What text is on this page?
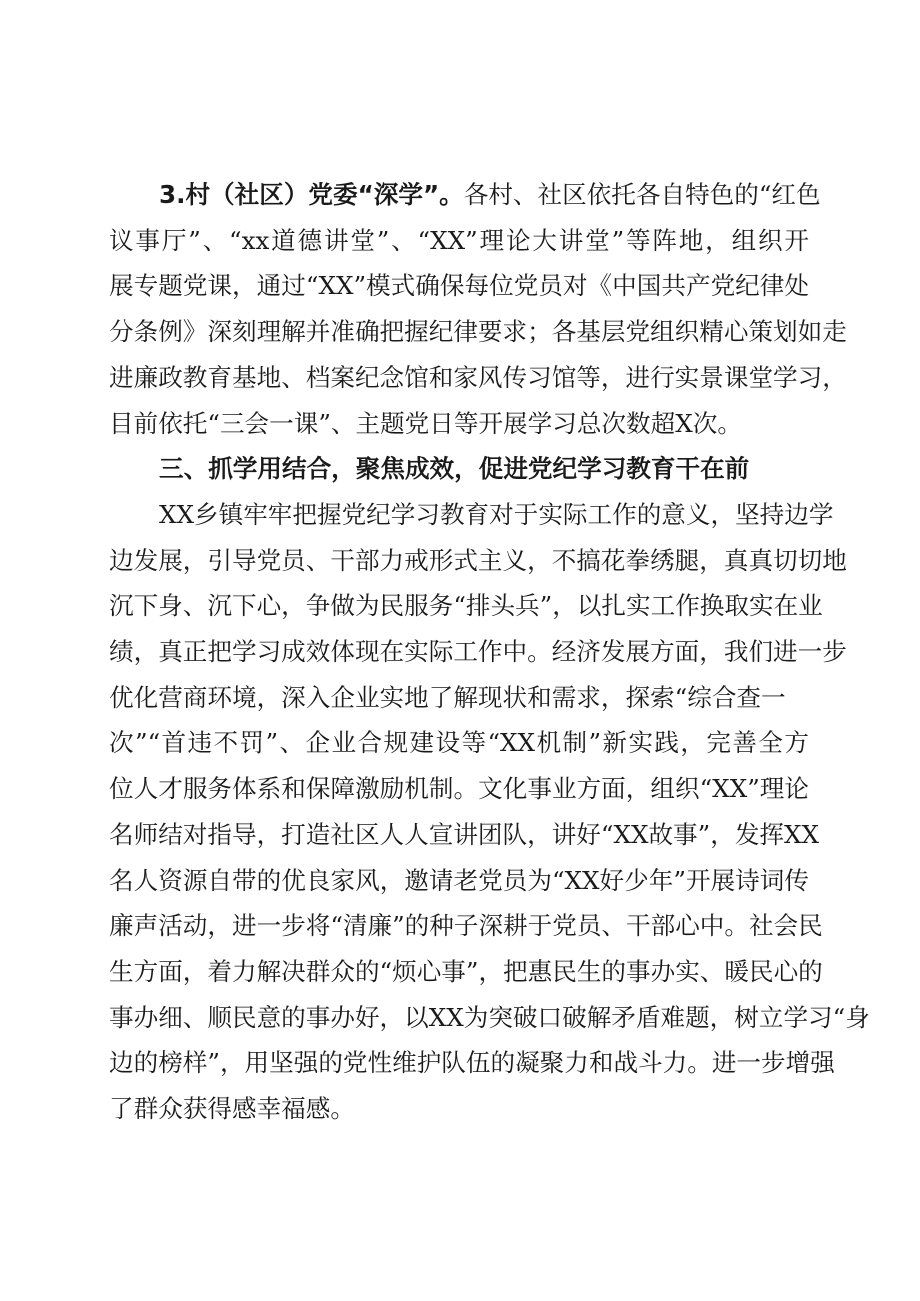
3.村（社区）党委“深学”。各村、社区依托各自特色的“红色
议事厅”、“xx道德讲堂”、“XX”理论大讲堂”等阵地，组织开
展专题党课，通过“XX”模式确保每位党员对《中国共产党纪律处
分条例》深刻理解并准确把握纪律要求；各基层党组织精心策划如走
进廉政教育基地、档案纪念馆和家风传习馆等，进行实景课堂学习，
目前依托“三会一课”、主题党日等开展学习总次数超X次。
三、抓学用结合，聚焦成效，促进党纪学习教育干在前
XX乡镇牢牢把握党纪学习教育对于实际工作的意义，坚持边学
边发展，引导党员、干部力戒形式主义，不搞花拳绣腿，真真切切地
沉下身、沉下心，争做为民服务“排头兵”，以扎实工作换取实在业
绩，真正把学习成效体现在实际工作中。经济发展方面，我们进一步
优化营商环境，深入企业实地了解现状和需求，探索“综合查一
次”“首违不罚”、企业合规建设等“XX机制”新实践，完善全方
位人才服务体系和保障激励机制。文化事业方面，组织“XX”理论
名师结对指导，打造社区人人宣讲团队，讲好“XX故事”，发挥XX
名人资源自带的优良家风，邀请老党员为“XX好少年”开展诗词传
廉声活动，进一步将“清廉”的种子深耕于党员、干部心中。社会民
生方面，着力解决群众的“烦心事”，把惠民生的事办实、暖民心的
事办细、顺民意的事办好，以XX为突破口破解矛盾难题，树立学习“身
边的榜样”，用坚强的党性维护队伍的凝聚力和战斗力。进一步增强
了群众获得感幸福感。
